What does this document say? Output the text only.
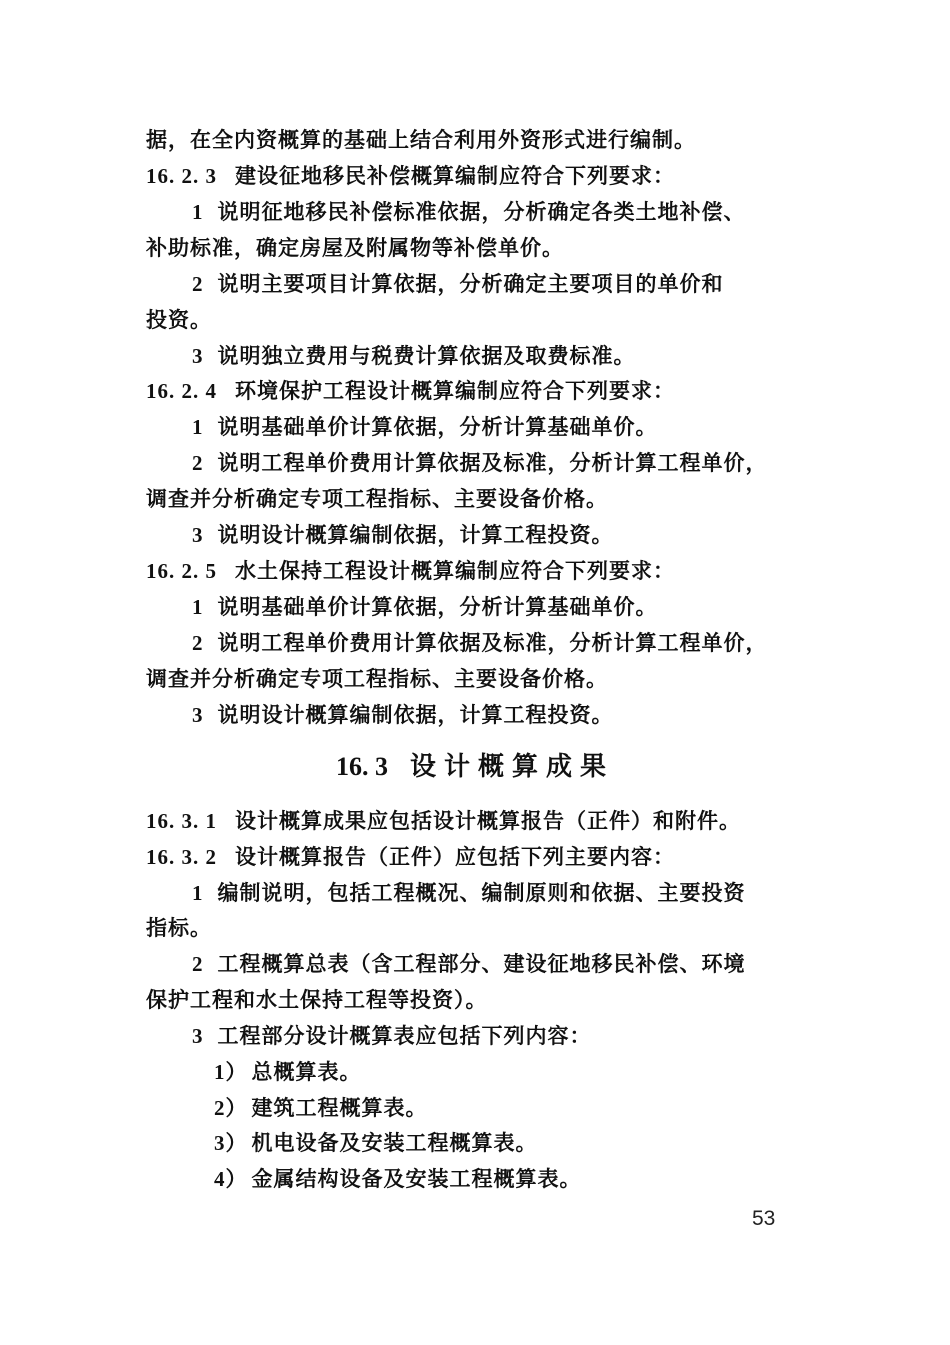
据，在全内资概算的基础上结合利用外资形式进行编制。
16. 2. 3 建设征地移民补偿概算编制应符合下列要求：
1 说明征地移民补偿标准依据，分析确定各类土地补偿、
补助标准，确定房屋及附属物等补偿单价。
2 说明主要项目计算依据，分析确定主要项目的单价和
投资。
3 说明独立费用与税费计算依据及取费标准。
16. 2. 4 环境保护工程设计概算编制应符合下列要求：
1 说明基础单价计算依据，分析计算基础单价。
2 说明工程单价费用计算依据及标准，分析计算工程单价，
调查并分析确定专项工程指标、主要设备价格。
3 说明设计概算编制依据，计算工程投资。
16. 2. 5 水土保持工程设计概算编制应符合下列要求：
1 说明基础单价计算依据，分析计算基础单价。
2 说明工程单价费用计算依据及标准，分析计算工程单价，
调查并分析确定专项工程指标、主要设备价格。
3 说明设计概算编制依据，计算工程投资。
16. 3 设计概算成果
16. 3. 1 设计概算成果应包括设计概算报告（正件）和附件。
16. 3. 2 设计概算报告（正件）应包括下列主要内容：
1 编制说明，包括工程概况、编制原则和依据、主要投资
指标。
2 工程概算总表（含工程部分、建设征地移民补偿、环境
保护工程和水土保持工程等投资）。
3 工程部分设计概算表应包括下列内容：
1） 总概算表。
2） 建筑工程概算表。
3） 机电设备及安装工程概算表。
4） 金属结构设备及安装工程概算表。
53
